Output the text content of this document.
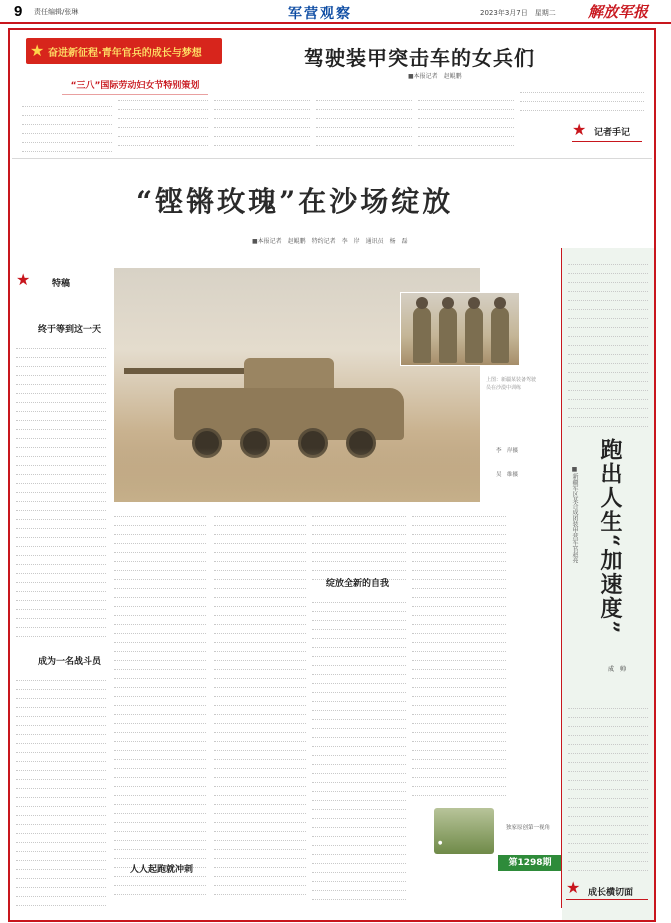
9 责任编辑/张琳	军营观察	2023年3月7日　星期二 解放军报
★ 奋进新征程·青年官兵的成长与梦想
“三八”国际劳动妇女节特别策划
驾驶装甲突击车的女兵们
■本报记者　赵鲲鹏
★ 记者手记
“铿锵玫瑰”在沙场绽放
■本报记者　赵鲲鹏　特约记者　李　岸　通讯员　杨　磊
★ 特稿
终于等到这一天
成为一名战斗员
上图：新疆某装备驾驶员在沙漠中训练
李　岸摄
吴　维摄
人人起跑就冲刺
绽放全新的自我
●
独家原创第一视角
第1298期
跑出人生“加速度”
■新疆军区某合成团装甲营军官赵亮
成　帅
★ 成长横切面
